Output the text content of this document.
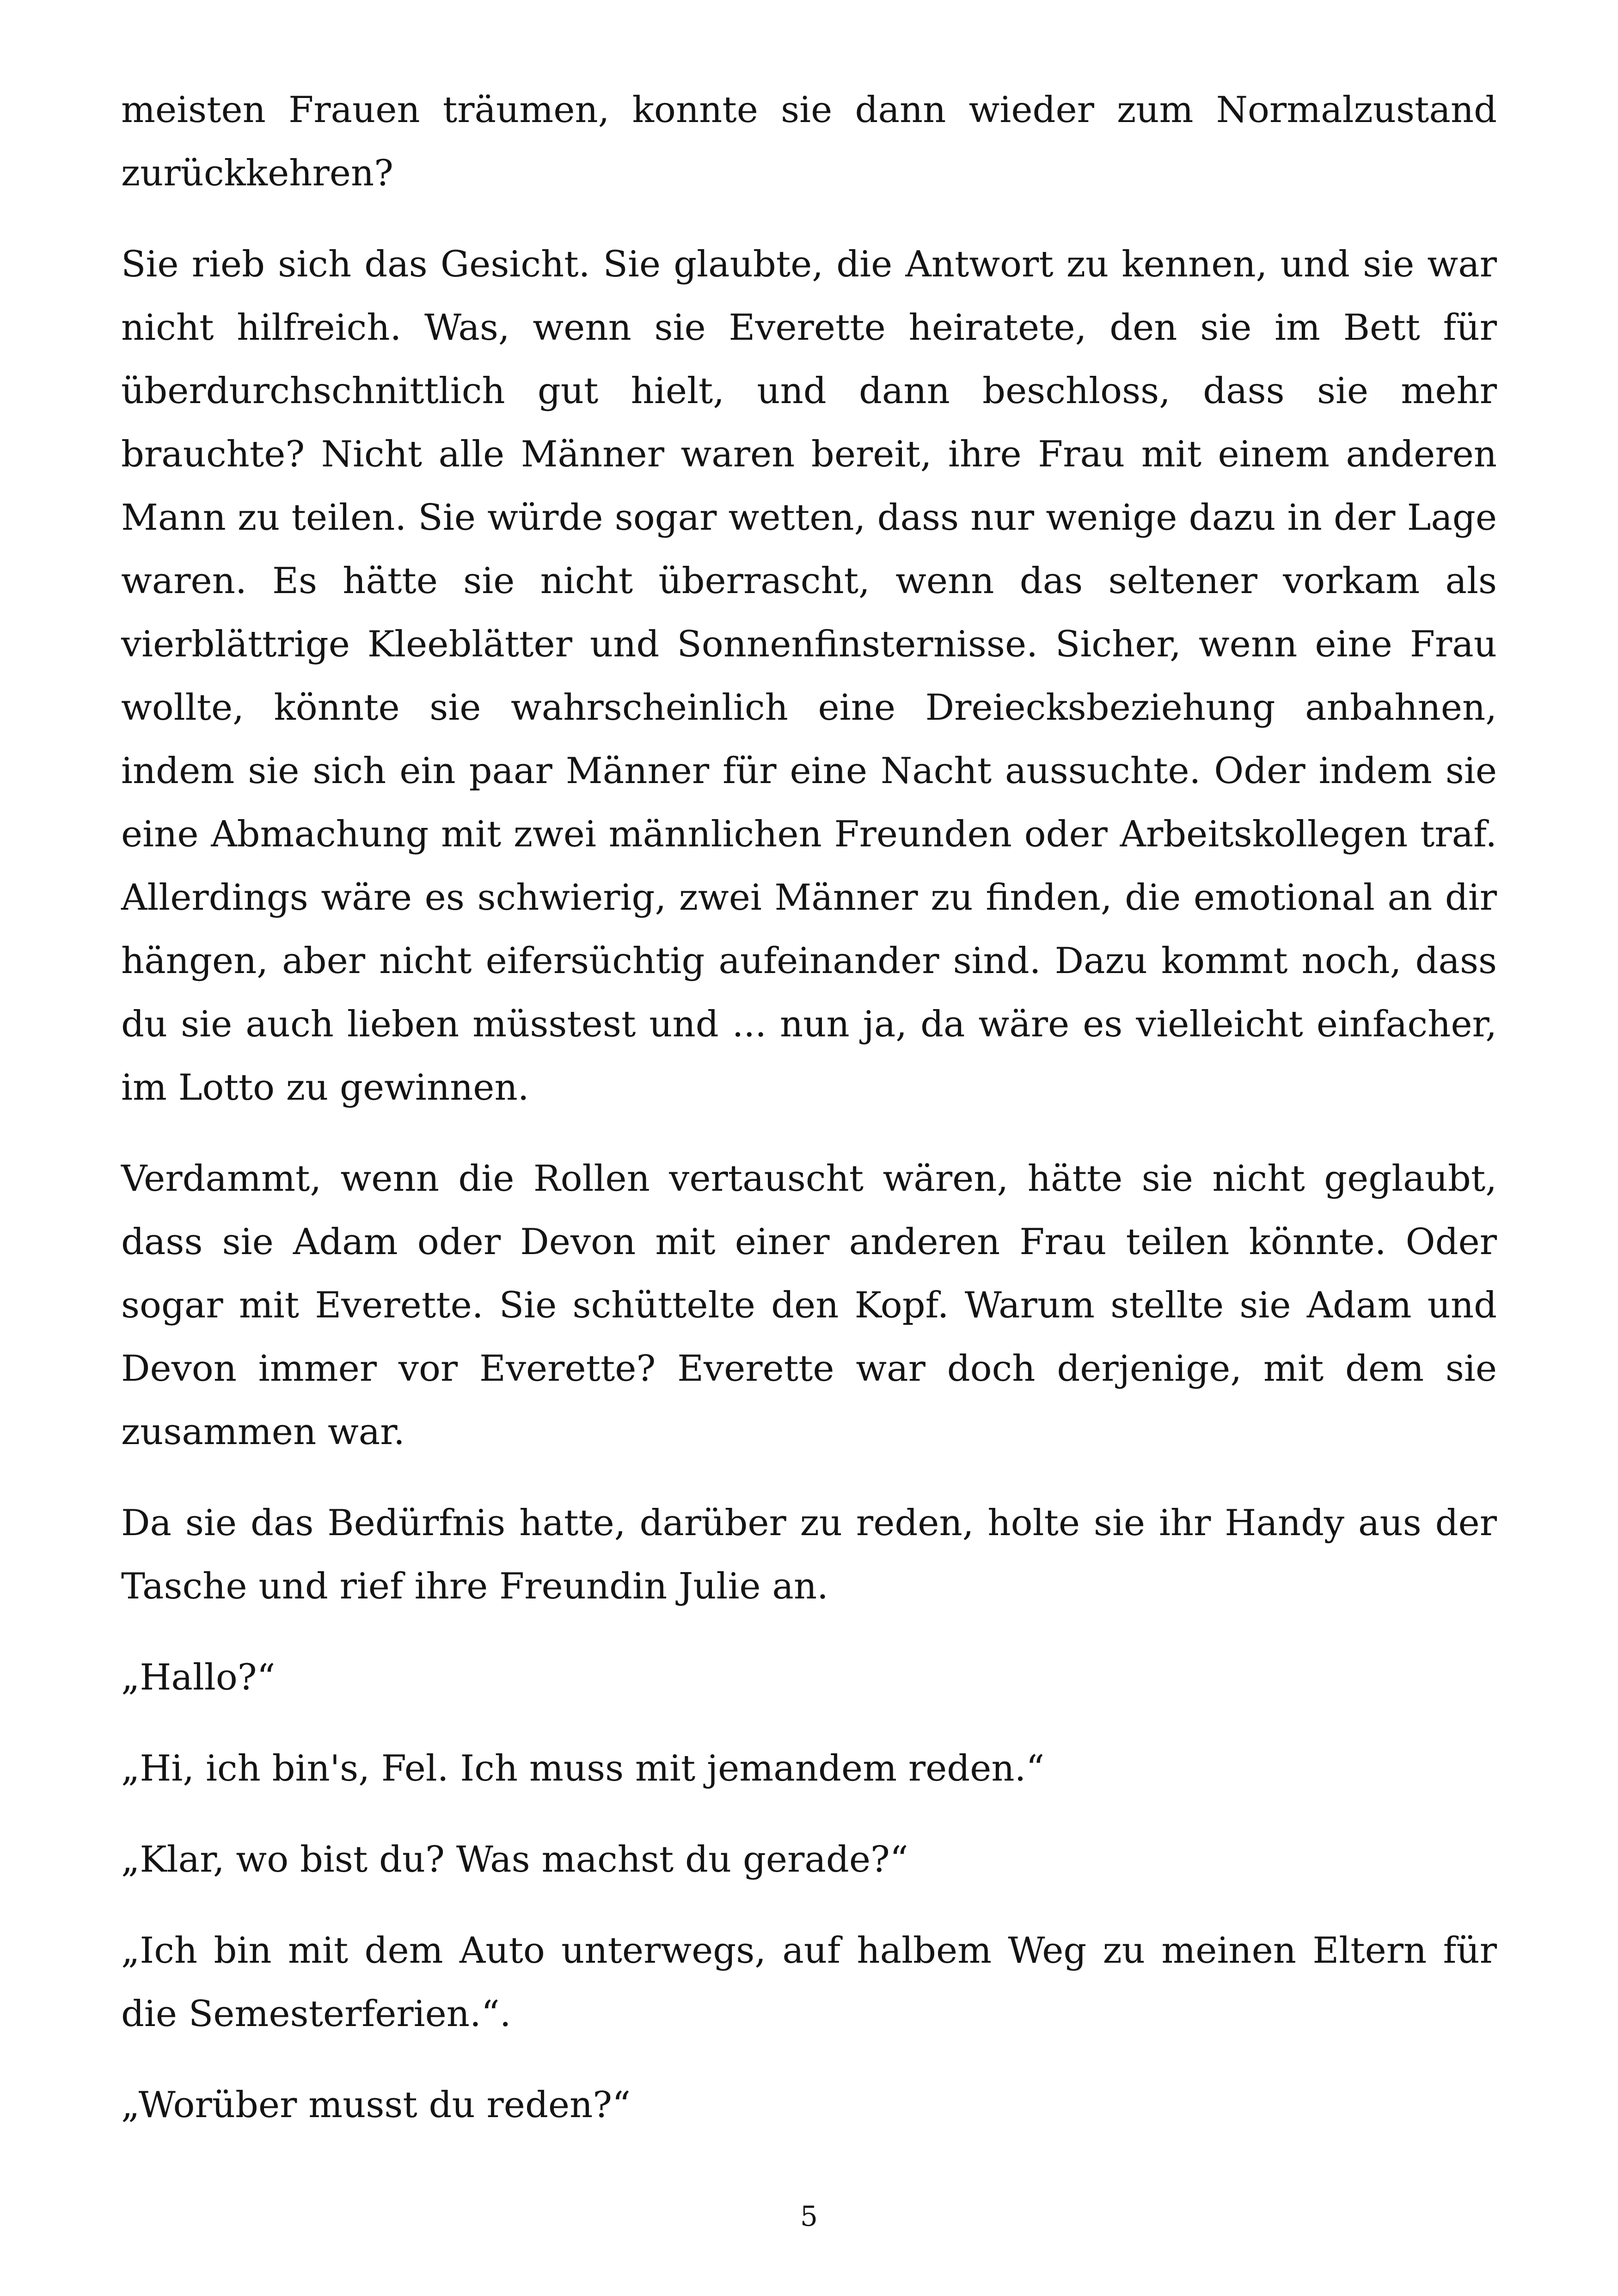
meisten Frauen träumen, konnte sie dann wieder zum Normalzustand zurückkehren?

Sie rieb sich das Gesicht. Sie glaubte, die Antwort zu kennen, und sie war nicht hilfreich. Was, wenn sie Everette heiratete, den sie im Bett für überdurchschnittlich gut hielt, und dann beschloss, dass sie mehr brauchte? Nicht alle Männer waren bereit, ihre Frau mit einem anderen Mann zu teilen. Sie würde sogar wetten, dass nur wenige dazu in der Lage waren. Es hätte sie nicht überrascht, wenn das seltener vorkam als vierblättrige Kleeblätter und Sonnenfinsternisse. Sicher, wenn eine Frau wollte, könnte sie wahrscheinlich eine Dreiecksbeziehung anbahnen, indem sie sich ein paar Männer für eine Nacht aussuchte. Oder indem sie eine Abmachung mit zwei männlichen Freunden oder Arbeitskollegen traf. Allerdings wäre es schwierig, zwei Männer zu finden, die emotional an dir hängen, aber nicht eifersüchtig aufeinander sind. Dazu kommt noch, dass du sie auch lieben müsstest und ... nun ja, da wäre es vielleicht einfacher, im Lotto zu gewinnen.

Verdammt, wenn die Rollen vertauscht wären, hätte sie nicht geglaubt, dass sie Adam oder Devon mit einer anderen Frau teilen könnte. Oder sogar mit Everette. Sie schüttelte den Kopf. Warum stellte sie Adam und Devon immer vor Everette? Everette war doch derjenige, mit dem sie zusammen war.

Da sie das Bedürfnis hatte, darüber zu reden, holte sie ihr Handy aus der Tasche und rief ihre Freundin Julie an.

„Hallo?“

„Hi, ich bin's, Fel. Ich muss mit jemandem reden.“

„Klar, wo bist du? Was machst du gerade?“

„Ich bin mit dem Auto unterwegs, auf halbem Weg zu meinen Eltern für die Semesterferien.“.

„Worüber musst du reden?“

5
